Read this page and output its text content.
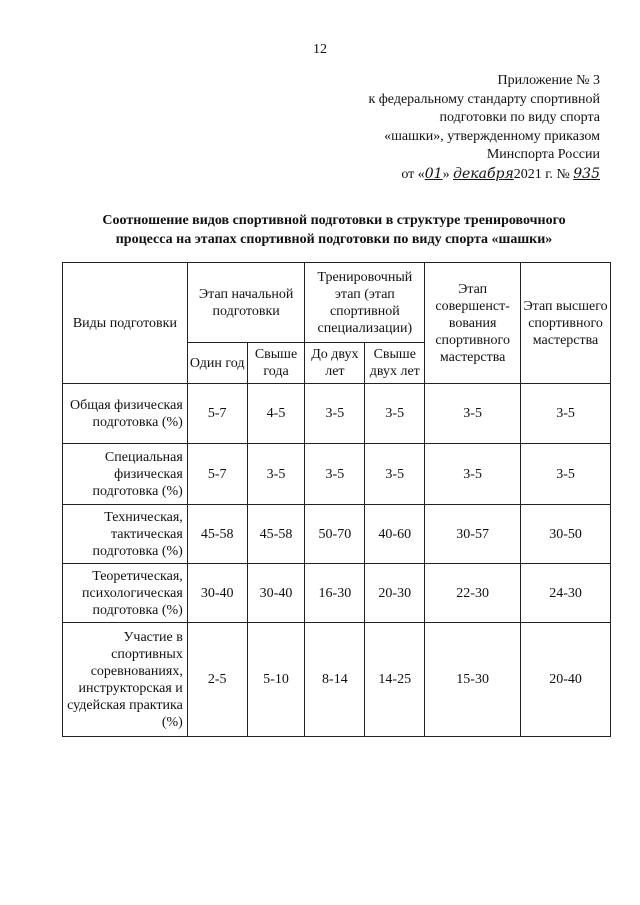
12
Приложение № 3
к федеральному стандарту спортивной
подготовки по виду спорта
«шашки», утвержденному приказом
Минспорта России
от «01» декабря2021 г. № 935
Соотношение видов спортивной подготовки в структуре тренировочного
процесса на этапах спортивной подготовки по виду спорта «шашки»
Виды подготовки	Этап начальной подготовки		Тренировочный этап (этап спортивной специализации)		Этап совершенст-вования спортивного мастерства	Этап высшего спортивного мастерства
	Один год	Свыше года	До двух лет	Свыше двух лет		
Общая физическая подготовка (%)	5-7	4-5	3-5	3-5	3-5	3-5
Специальная физическая подготовка (%)	5-7	3-5	3-5	3-5	3-5	3-5
Техническая, тактическая подготовка (%)	45-58	45-58	50-70	40-60	30-57	30-50
Теоретическая, психологическая подготовка (%)	30-40	30-40	16-30	20-30	22-30	24-30
Участие в спортивных соревнованиях, инструкторская и судейская практика (%)	2-5	5-10	8-14	14-25	15-30	20-40
